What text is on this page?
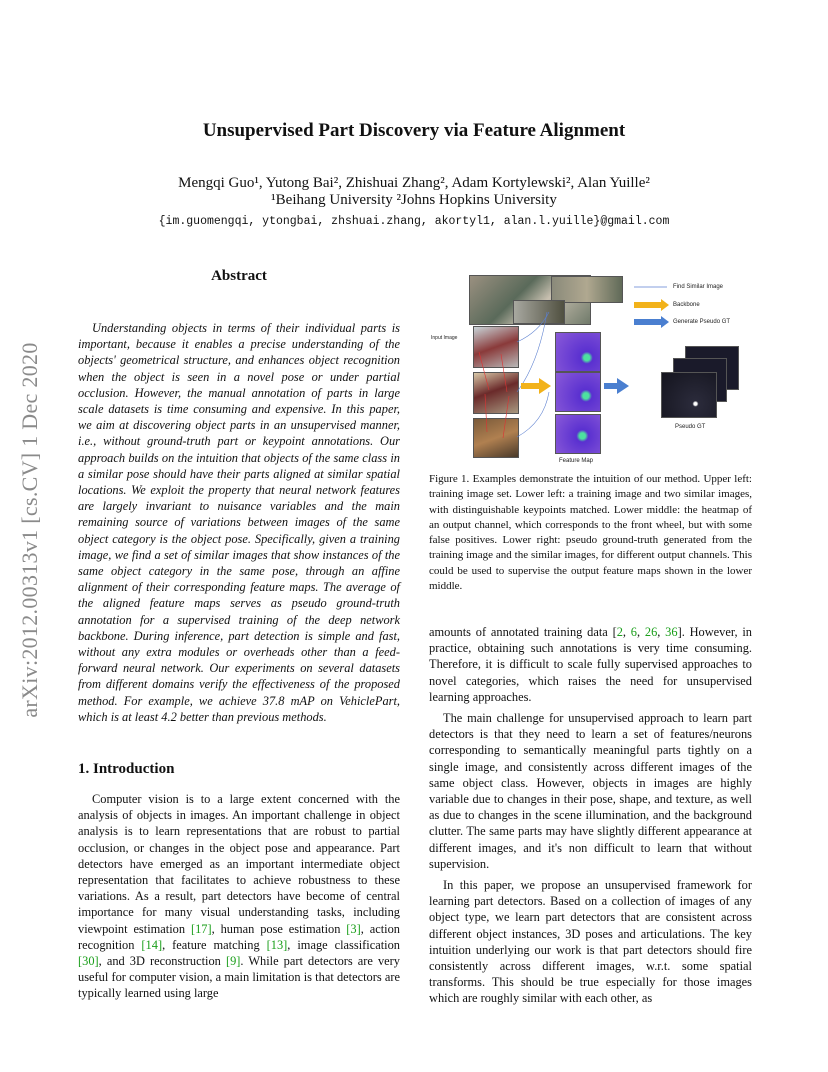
Unsupervised Part Discovery via Feature Alignment
Mengqi Guo¹, Yutong Bai², Zhishuai Zhang², Adam Kortylewski², Alan Yuille²
¹Beihang University ²Johns Hopkins University
{im.guomengqi, ytongbai, zhshuai.zhang, akortyl1, alan.l.yuille}@gmail.com
arXiv:2012.00313v1 [cs.CV] 1 Dec 2020
Abstract

Understanding objects in terms of their individual parts is important, because it enables a precise understanding of the objects' geometrical structure, and enhances object recognition when the object is seen in a novel pose or under partial occlusion. However, the manual annotation of parts in large scale datasets is time consuming and expensive. In this paper, we aim at discovering object parts in an unsupervised manner, i.e., without ground-truth part or keypoint annotations. Our approach builds on the intuition that objects of the same class in a similar pose should have their parts aligned at similar spatial locations. We exploit the property that neural network features are largely invariant to nuisance variables and the main remaining source of variations between images of the same object category is the object pose. Specifically, given a training image, we find a set of similar images that show instances of the same object category in the same pose, through an affine alignment of their corresponding feature maps. The average of the aligned feature maps serves as pseudo ground-truth annotation for a supervised training of the deep network backbone. During inference, part detection is simple and fast, without any extra modules or overheads other than a feed-forward neural network. Our experiments on several datasets from different domains verify the effectiveness of the proposed method. For example, we achieve 37.8 mAP on VehiclePart, which is at least 4.2 better than previous methods.

1. Introduction

Computer vision is to a large extent concerned with the analysis of objects in images. An important challenge in object analysis is to learn representations that are robust to partial occlusion, or changes in the object pose and appearance. Part detectors have emerged as an important intermediate object representation that facilitates to achieve robustness to these variations. As a result, part detectors have become of central importance for many visual understanding tasks, including viewpoint estimation [17], human pose estimation [3], action recognition [14], feature matching [13], image classification [30], and 3D reconstruction [9]. While part detectors are very useful for computer vision, a main limitation is that detectors are typically learned using large

Input Image
Feature Map
Pseudo GT
Find Similar Image
Backbone
Generate Pseudo GT
Figure 1. Examples demonstrate the intuition of our method. Upper left: training image set. Lower left: a training image and two similar images, with distinguishable keypoints matched. Lower middle: the heatmap of an output channel, which corresponds to the front wheel, but with some false positives. Lower right: pseudo ground-truth generated from the training image and the similar images, for different output channels. This could be used to supervise the output feature maps shown in the lower middle.

amounts of annotated training data [2, 6, 26, 36]. However, in practice, obtaining such annotations is very time consuming. Therefore, it is difficult to scale fully supervised approaches to novel categories, which raises the need for unsupervised learning approaches.

The main challenge for unsupervised approach to learn part detectors is that they need to learn a set of features/neurons corresponding to semantically meaningful parts tightly on a single image, and consistently across different images of the same object class. However, objects in images are highly variable due to changes in their pose, shape, and texture, as well as due to changes in the scene illumination, and the background clutter. The same parts may have slightly different appearance at different images, and it's non difficult to learn that without supervision.

In this paper, we propose an unsupervised framework for learning part detectors. Based on a collection of images of any object type, we learn part detectors that are consistent across different object instances, 3D poses and articulations. The key intuition underlying our work is that part detectors should fire consistently across different images, w.r.t. some spatial transforms. This should be true especially for those images which are roughly similar with each other, as
